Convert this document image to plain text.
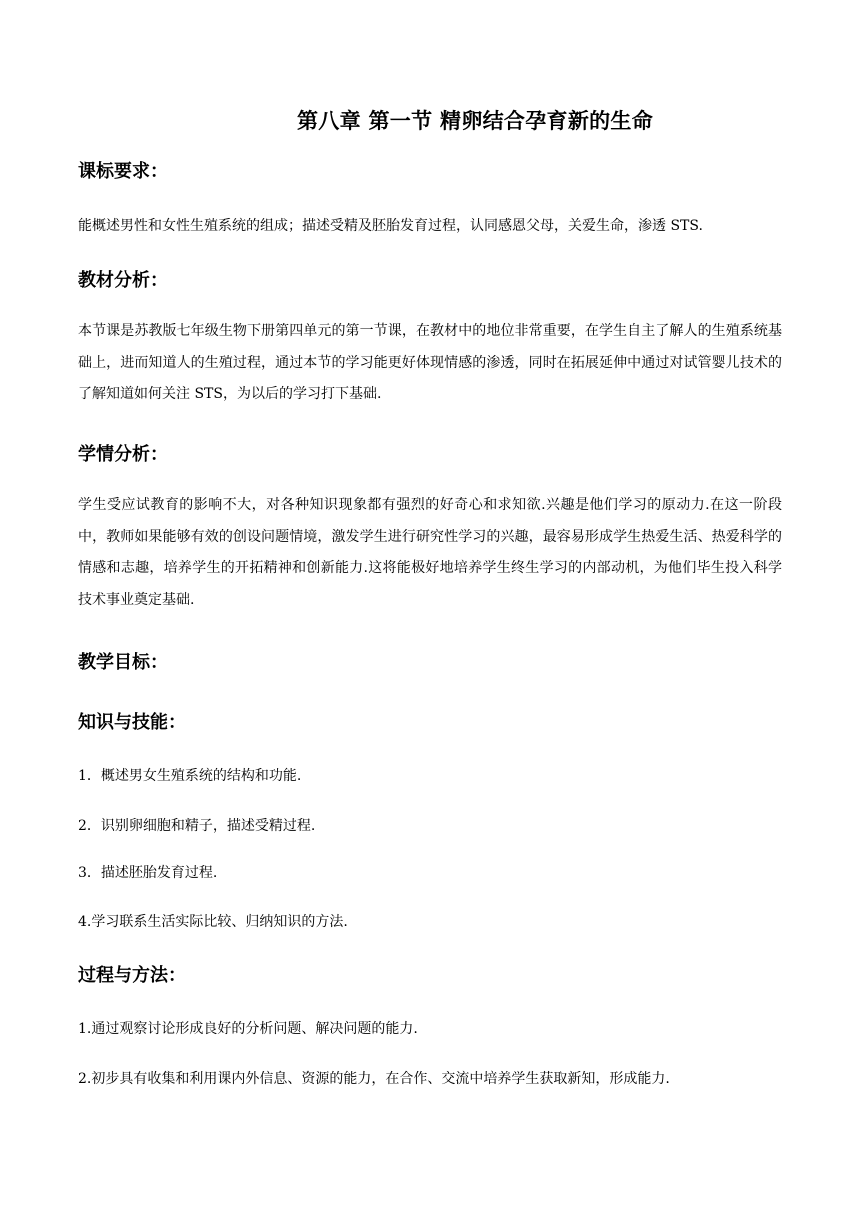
第八章 第一节 精卵结合孕育新的生命
课标要求：
能概述男性和女性生殖系统的组成；描述受精及胚胎发育过程，认同感恩父母，关爱生命，渗透 STS.
教材分析：
本节课是苏教版七年级生物下册第四单元的第一节课，在教材中的地位非常重要，在学生自主了解人的生殖系统基础上，进而知道人的生殖过程，通过本节的学习能更好体现情感的渗透，同时在拓展延伸中通过对试管婴儿技术的了解知道如何关注 STS，为以后的学习打下基础.
学情分析：
学生受应试教育的影响不大，对各种知识现象都有强烈的好奇心和求知欲.兴趣是他们学习的原动力.在这一阶段中，教师如果能够有效的创设问题情境，激发学生进行研究性学习的兴趣，最容易形成学生热爱生活、热爱科学的情感和志趣，培养学生的开拓精神和创新能力.这将能极好地培养学生终生学习的内部动机，为他们毕生投入科学技术事业奠定基础.
教学目标：
知识与技能：
1．概述男女生殖系统的结构和功能.
2．识别卵细胞和精子，描述受精过程.
3．描述胚胎发育过程.
4.学习联系生活实际比较、归纳知识的方法.
过程与方法：
1.通过观察讨论形成良好的分析问题、解决问题的能力.
2.初步具有收集和利用课内外信息、资源的能力，在合作、交流中培养学生获取新知，形成能力.
